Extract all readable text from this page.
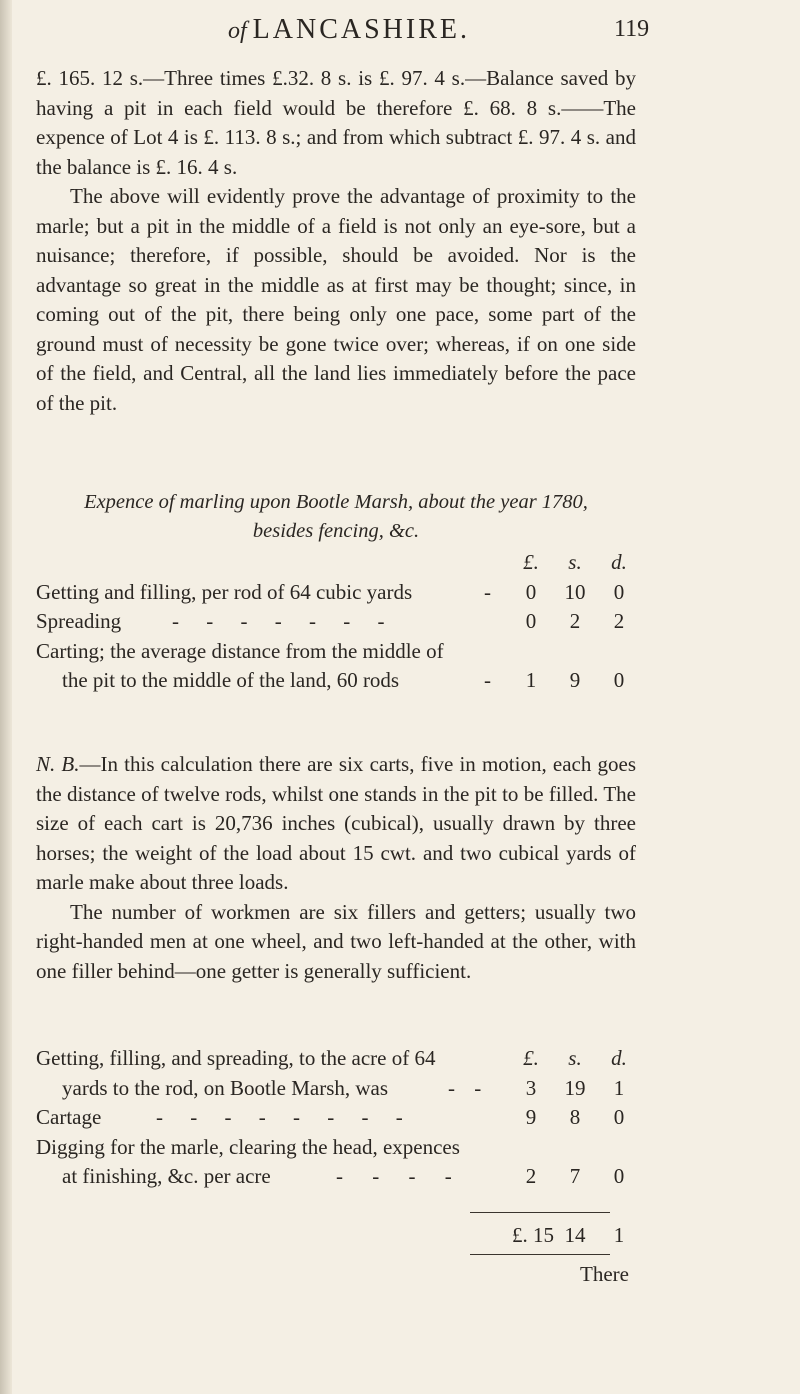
of LANCASHIRE.	119

£. 165. 12 s.—Three times £.32. 8 s. is £. 97. 4 s.—Balance saved by having a pit in each field would be therefore £. 68. 8 s.——The expence of Lot 4 is £. 113. 8 s.; and from which subtract £. 97. 4 s. and the balance is £. 16. 4 s.

The above will evidently prove the advantage of proximity to the marle; but a pit in the middle of a field is not only an eye-sore, but a nuisance; therefore, if possible, should be avoided. Nor is the advantage so great in the middle as at first may be thought; since, in coming out of the pit, there being only one pace, some part of the ground must of necessity be gone twice over; whereas, if on one side of the field, and Central, all the land lies immediately before the pace of the pit.

Expence of marling upon Bootle Marsh, about the year 1780,
besides fencing, &c.
£.	s.	d.
Getting and filling, per rod of 64 cubic yards	-	0	10	0
Spreading - - - - - - -	0	2	2
Carting; the average distance from the middle of
the pit to the middle of the land, 60 rods	-	1	9	0

N. B.—In this calculation there are six carts, five in motion, each goes the distance of twelve rods, whilst one stands in the pit to be filled. The size of each cart is 20,736 inches (cubical), usually drawn by three horses; the weight of the load about 15 cwt. and two cubical yards of marle make about three loads.

The number of workmen are six fillers and getters; usually two right-handed men at one wheel, and two left-handed at the other, with one filler behind—one getter is generally sufficient.

Getting, filling, and spreading, to the acre of 64	£.	s.	d.
yards to the rod, on Bootle Marsh, was	- -	3	19	1
Cartage	- - - - - - - -	9	8	0
Digging for the marle, clearing the head, expences
at finishing, &c. per acre	- - - -	2	7	0
£. 15 14	1
There
